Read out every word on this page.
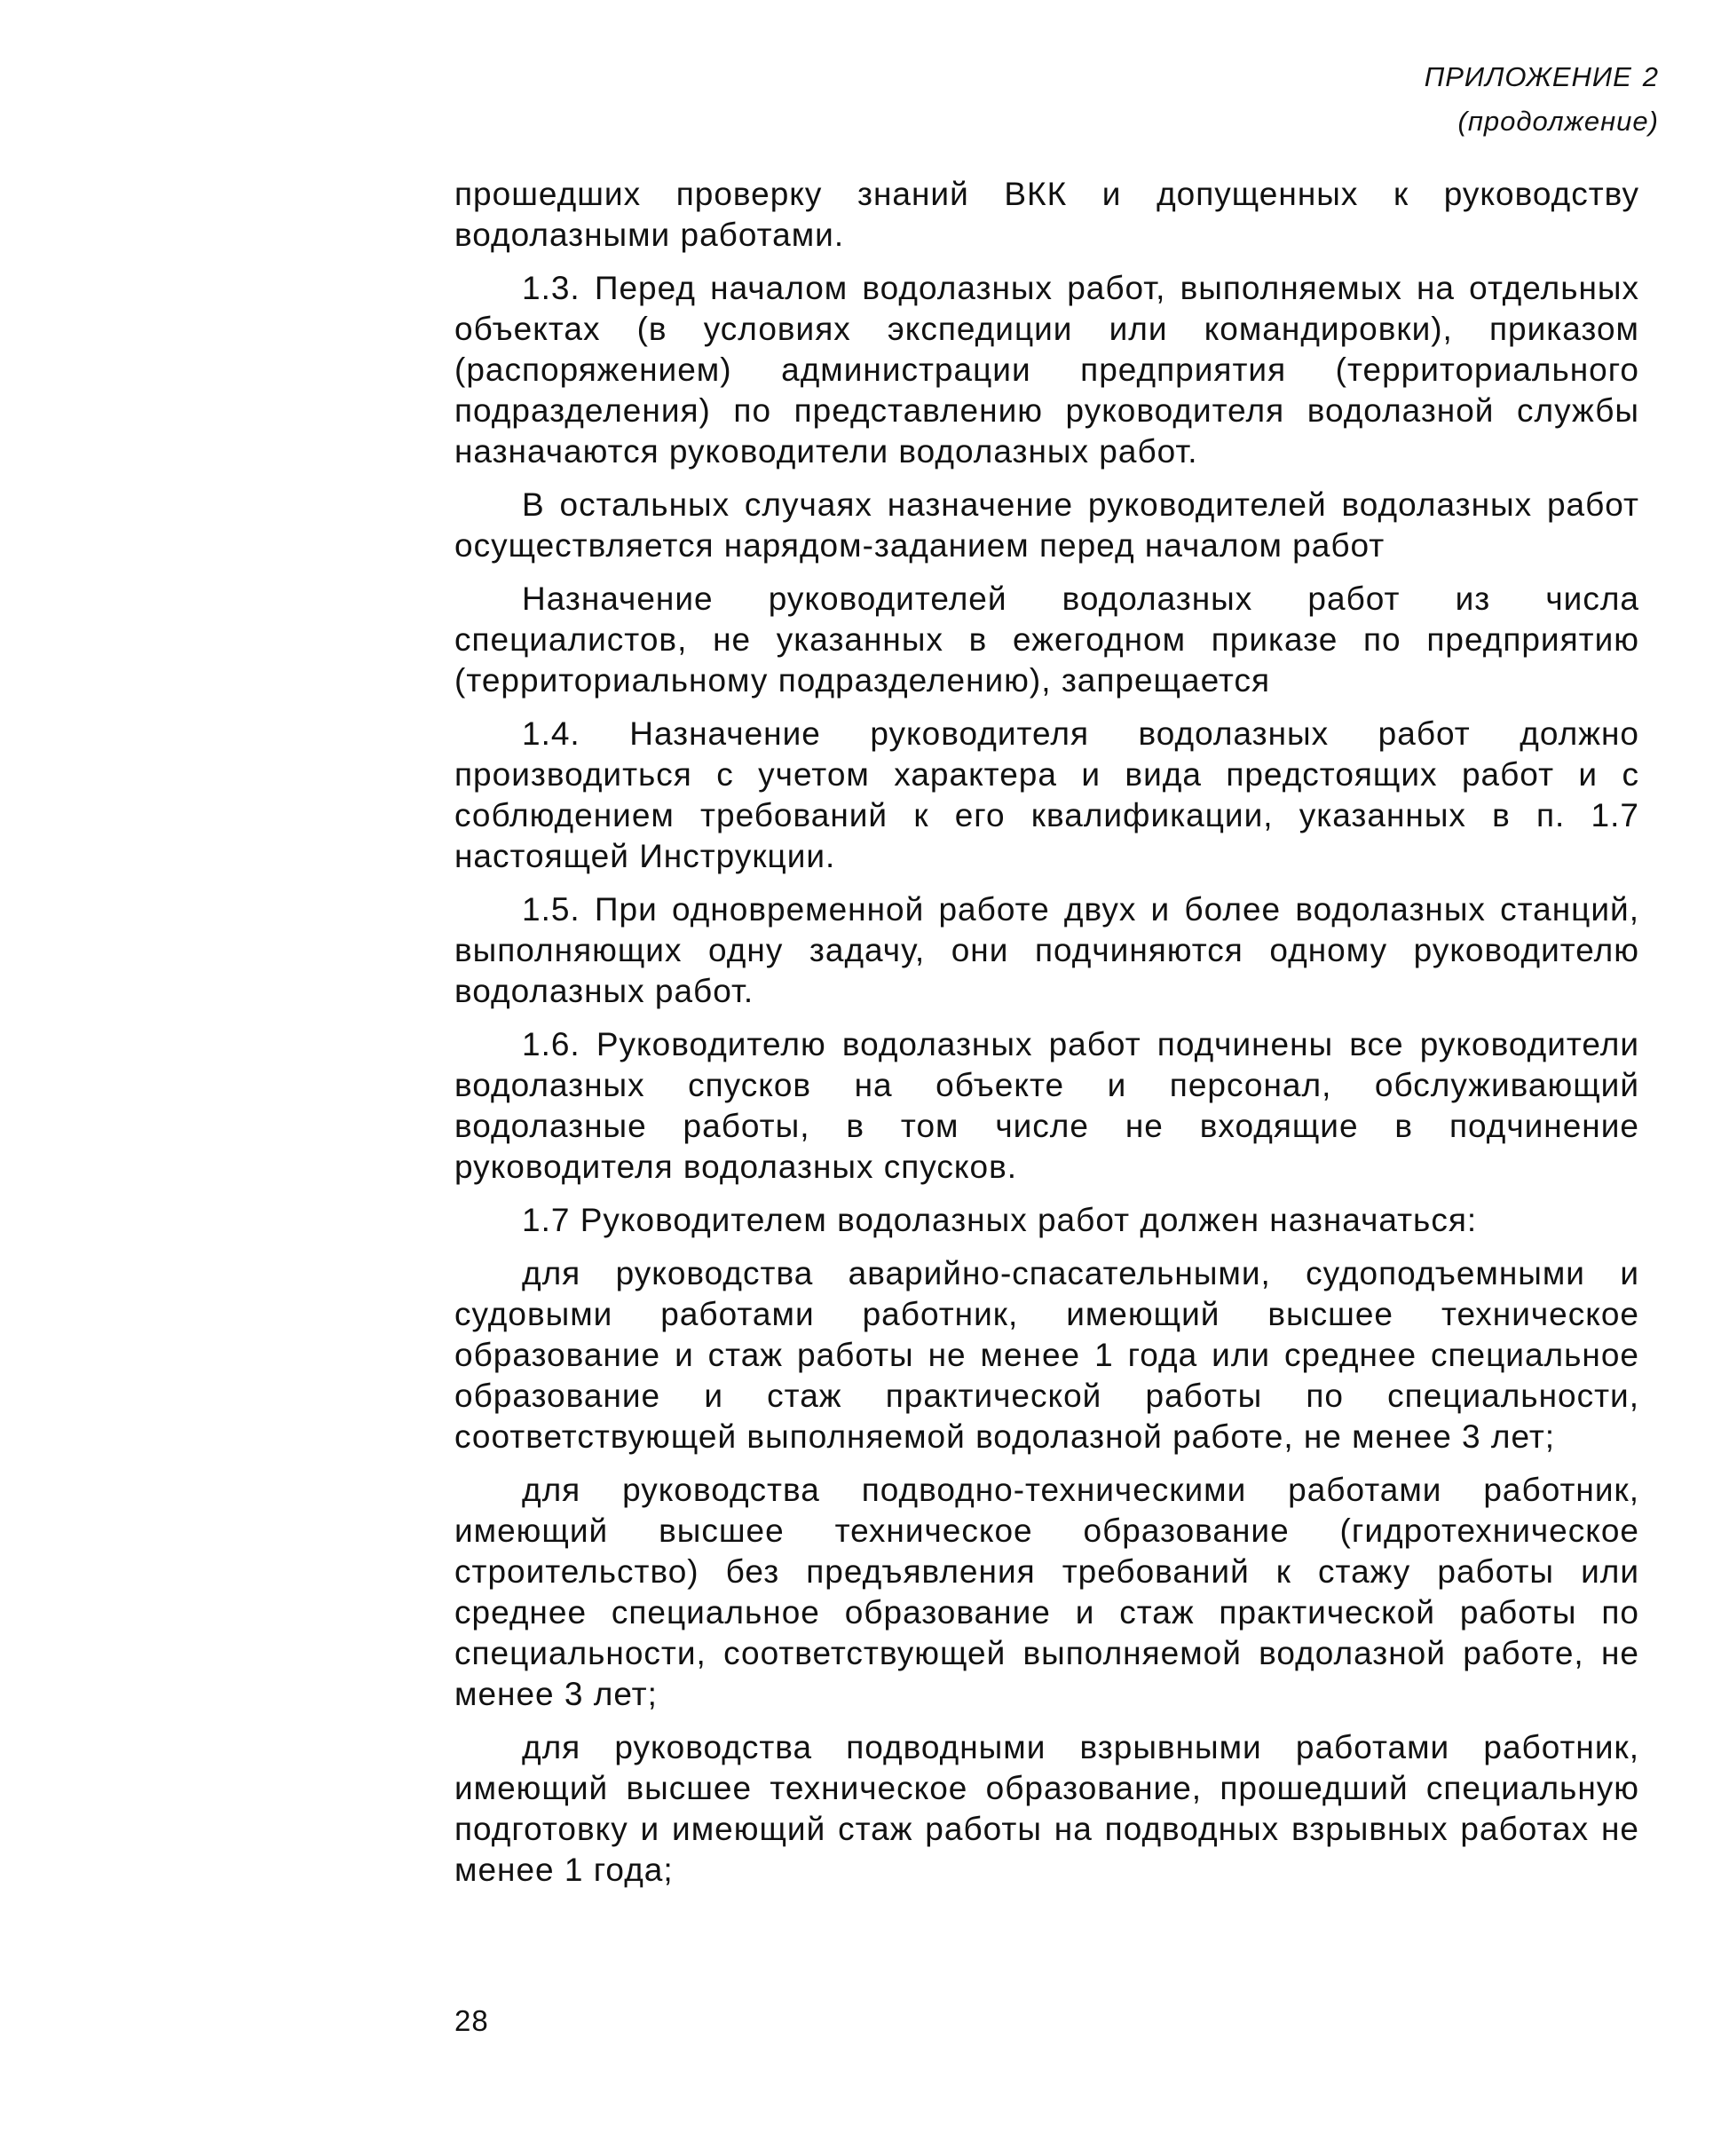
ПРИЛОЖЕНИЕ 2
(продолжение)

прошедших проверку знаний ВКК и допущенных к руководству водолазными работами.

1.3. Перед началом водолазных работ, выполняемых на отдельных объектах (в условиях экспедиции или командировки), приказом (распоряжением) администрации предприятия (территориального подразделения) по представлению руководителя водолазной службы назначаются руководители водолазных работ.

В остальных случаях назначение руководителей водолазных работ осуществляется нарядом-заданием перед началом работ

Назначение руководителей водолазных работ из числа специалистов, не указанных в ежегодном приказе по предприятию (территориальному подразделению), запрещается

1.4. Назначение руководителя водолазных работ должно производиться с учетом характера и вида предстоящих работ и с соблюдением требований к его квалификации, указанных в п. 1.7 настоящей Инструкции.

1.5. При одновременной работе двух и более водолазных станций, выполняющих одну задачу, они подчиняются одному руководителю водолазных работ.

1.6. Руководителю водолазных работ подчинены все руководители водолазных спусков на объекте и персонал, обслуживающий водолазные работы, в том числе не входящие в подчинение руководителя водолазных спусков.

1.7 Руководителем водолазных работ должен назначаться:

для руководства аварийно-спасательными, судоподъемными и судовыми работами работник, имеющий высшее техническое образование и стаж работы не менее 1 года или среднее специальное образование и стаж практической работы по специальности, соответствующей выполняемой водолазной работе, не менее 3 лет;

для руководства подводно-техническими работами работник, имеющий высшее техническое образование (гидротехническое строительство) без предъявления требований к стажу работы или среднее специальное образование и стаж практической работы по специальности, соответствующей выполняемой водолазной работе, не менее 3 лет;

для руководства подводными взрывными работами работник, имеющий высшее техническое образование, прошедший специальную подготовку и имеющий стаж работы на подводных взрывных работах не менее 1 года;

28
